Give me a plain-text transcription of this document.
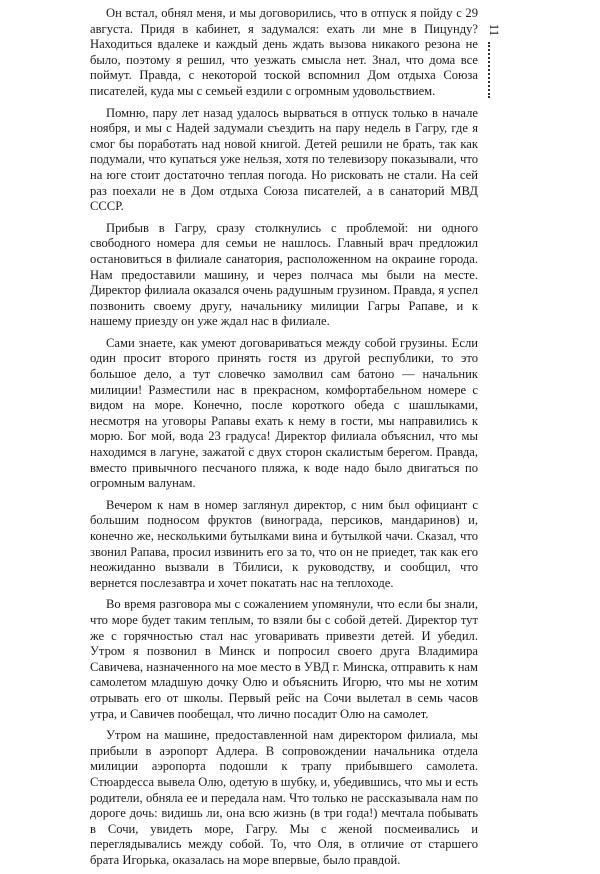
Он встал, обнял меня, и мы договорились, что в отпуск я пойду с 29 августа. Придя в кабинет, я задумался: ехать ли мне в Пицунду? Находиться вдалеке и каждый день ждать вызова никакого резона не было, поэтому я решил, что уезжать смысла нет. Знал, что дома все поймут. Правда, с некоторой тоской вспомнил Дом отдыха Союза писателей, куда мы с семьей ездили с огромным удовольствием.

Помню, пару лет назад удалось вырваться в отпуск только в начале ноября, и мы с Надей задумали съездить на пару недель в Гагру, где я смог бы поработать над новой книгой. Детей решили не брать, так как подумали, что купаться уже нельзя, хотя по телевизору показывали, что на юге стоит достаточно теплая погода. Но рисковать не стали. На сей раз поехали не в Дом отдыха Союза писателей, а в санаторий МВД СССР.

Прибыв в Гагру, сразу столкнулись с проблемой: ни одного свободного номера для семьи не нашлось. Главный врач предложил остановиться в филиале санатория, расположенном на окраине города. Нам предоставили машину, и через полчаса мы были на месте. Директор филиала оказался очень радушным грузином. Правда, я успел позвонить своему другу, начальнику милиции Гагры Рапаве, и к нашему приезду он уже ждал нас в филиале.

Сами знаете, как умеют договариваться между собой грузины. Если один просит второго принять гостя из другой республики, то это большое дело, а тут словечко замолвил сам батоно — начальник милиции! Разместили нас в прекрасном, комфортабельном номере с видом на море. Конечно, после короткого обеда с шашлыками, несмотря на уговоры Рапавы ехать к нему в гости, мы направились к морю. Бог мой, вода 23 градуса! Директор филиала объяснил, что мы находимся в лагуне, зажатой с двух сторон скалистым берегом. Правда, вместо привычного песчаного пляжа, к воде надо было двигаться по огромным валунам.

Вечером к нам в номер заглянул директор, с ним был официант с большим подносом фруктов (винограда, персиков, мандаринов) и, конечно же, несколькими бутылками вина и бутылкой чачи. Сказал, что звонил Рапава, просил извинить его за то, что он не приедет, так как его неожиданно вызвали в Тбилиси, к руководству, и сообщил, что вернется послезавтра и хочет покатать нас на теплоходе.

Во время разговора мы с сожалением упомянули, что если бы знали, что море будет таким теплым, то взяли бы с собой детей. Директор тут же с горячностью стал нас уговаривать привезти детей. И убедил. Утром я позвонил в Минск и попросил своего друга Владимира Савичева, назначенного на мое место в УВД г. Минска, отправить к нам самолетом младшую дочку Олю и объяснить Игорю, что мы не хотим отрывать его от школы. Первый рейс на Сочи вылетал в семь часов утра, и Савичев пообещал, что лично посадит Олю на самолет.

Утром на машине, предоставленной нам директором филиала, мы прибыли в аэропорт Адлера. В сопровождении начальника отдела милиции аэропорта подошли к трапу прибывшего самолета. Стюардесса вывела Олю, одетую в шубку, и, убедившись, что мы и есть родители, обняла ее и передала нам. Что только не рассказывала нам по дороге дочь: видишь ли, она всю жизнь (в три года!) мечтала побывать в Сочи, увидеть море, Гагру. Мы с женой посмеивались и переглядывались между собой. То, что Оля, в отличие от старшего брата Игорька, оказалась на море впервые, было правдой.

11
